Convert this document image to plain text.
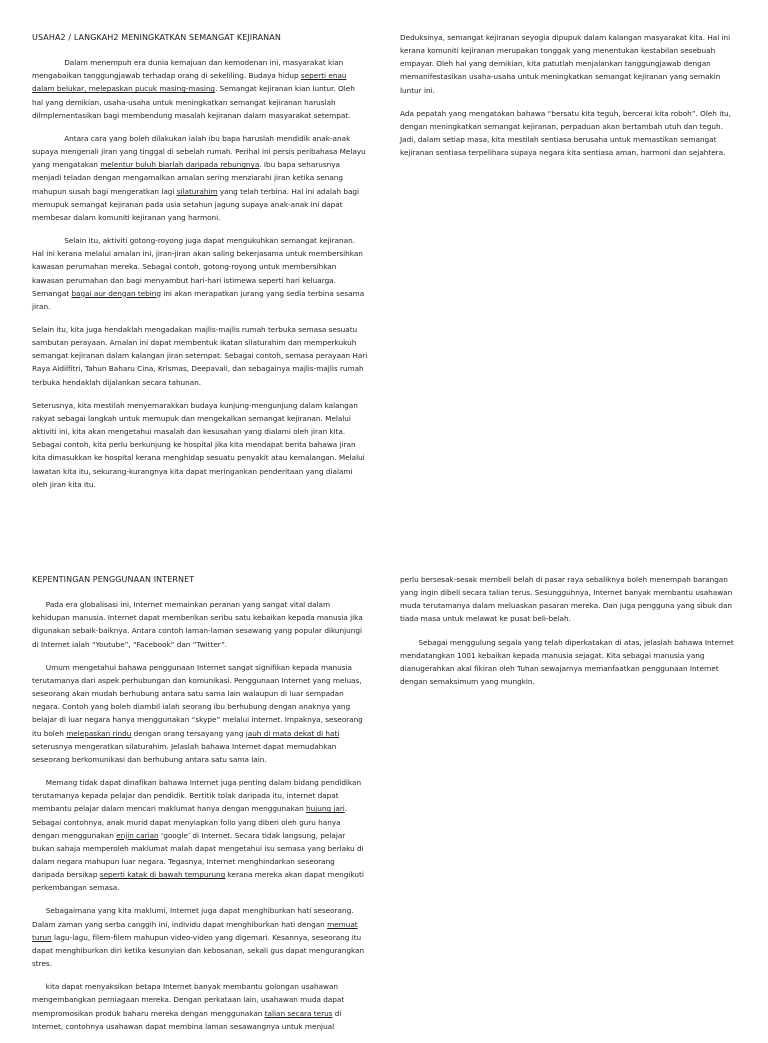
USAHA2 / LANGKAH2 MENINGKATKAN SEMANGAT KEJIRANAN

Dalam menempuh era dunia kemajuan dan kemodenan ini, masyarakat kian mengabaikan tanggungjawab terhadap orang di sekeliling. Budaya hidup seperti enau dalam belukar, melepaskan pucuk masing-masing. Semangat kejiranan kian luntur. Oleh hal yang demikian, usaha-usaha untuk meningkatkan semangat kejiranan haruslah dilmplementasikan bagi membendung masalah kejiranan dalam masyarakat setempat.

Antara cara yang boleh dilakukan ialah ibu bapa haruslah mendidik anak-anak supaya mengenali jiran yang tinggal di sebelah rumah. Perihal ini persis peribahasa Melayu yang mengatakan melentur buluh biarlah daripada rebungnya. Ibu bapa seharusnya menjadi teladan dengan mengamalkan amalan sering menziarahi jiran ketika senang mahupun susah bagi mengeratkan lagi silaturahim yang telah terbina. Hal ini adalah bagi memupuk semangat kejiranan pada usia setahun jagung supaya anak-anak ini dapat membesar dalam komuniti kejiranan yang harmoni.

Selain itu, aktiviti gotong-royong juga dapat mengukuhkan semangat kejiranan. Hal ini kerana melalui amalan ini, jiran-jiran akan saling bekerjasama untuk membersihkan kawasan perumahan mereka. Sebagai contoh, gotong-royong untuk membersihkan kawasan perumahan dan bagi menyambut hari-hari istimewa seperti hari keluarga. Semangat bagai aur dengan tebing ini akan merapatkan jurang yang sedia terbina sesama jiran.

Selain itu, kita juga hendaklah mengadakan majlis-majlis rumah terbuka semasa sesuatu sambutan perayaan. Amalan ini dapat membentuk ikatan silaturahim dan memperkukuh semangat kejiranan dalam kalangan jiran setempat. Sebagai contoh, semasa perayaan Hari Raya Aidilfitri, Tahun Baharu Cina, Krismas, Deepavali, dan sebagainya majlis-majlis rumah terbuka hendaklah dijalankan secara tahunan.

Seterusnya, kita mestilah menyemarakkan budaya kunjung-mengunjung dalam kalangan rakyat sebagai langkah untuk memupuk dan mengekalkan semangat kejiranan. Melalui aktiviti ini, kita akan mengetahui masalah dan kesusahan yang dialami oleh jiran kita. Sebagai contoh, kita perlu berkunjung ke hospital jika kita mendapat berita bahawa jiran kita dimasukkan ke hospital kerana menghidap sesuatu penyakit atau kemalangan. Melalui lawatan kita itu, sekurang-kurangnya kita dapat meringankan penderitaan yang dialami oleh jiran kita itu.

Deduksinya, semangat kejiranan seyogia dipupuk dalam kalangan masyarakat kita. Hal ini kerana komuniti kejiranan merupakan tonggak yang menentukan kestabilan sesebuah empayar. Oleh hal yang demikian, kita patutlah menjalankan tanggungjawab dengan memanifestasikan usaha-usaha untuk meningkatkan semangat kejiranan yang semakin luntur ini.

Ada pepatah yang mengatakan bahawa “bersatu kita teguh, bercerai kita roboh”. Oleh itu, dengan meningkatkan semangat kejiranan, perpaduan akan bertambah utuh dan teguh. Jadi, dalam setiap masa, kita mestilah sentiasa berusaha untuk memastikan semangat kejiranan sentiasa terpelihara supaya negara kita sentiasa aman, harmoni dan sejahtera.

KEPENTINGAN PENGGUNAAN INTERNET

Pada era globalisasi ini, Internet memainkan peranan yang sangat vital dalam kehidupan manusia. Internet dapat memberikan seribu satu kebaikan kepada manusia jika digunakan sebaik-baiknya. Antara contoh laman-laman sesawang yang popular dikunjungi di Internet ialah “Youtube”, “Facebook” dan “Twitter”.

Umum mengetahui bahawa penggunaan Internet sangat signifikan kepada manusia terutamanya dari aspek perhubungan dan komunikasi. Penggunaan Internet yang meluas, seseorang akan mudah berhubung antara satu sama lain walaupun di luar sempadan negara. Contoh yang boleh diambil ialah seorang ibu berhubung dengan anaknya yang belajar di luar negara hanya menggunakan “skype” melalui internet. Impaknya, seseorang itu boleh melepaskan rindu dengan orang tersayang yang jauh di mata dekat di hati seterusnya mengeratkan silaturahim. Jelaslah bahawa Internet dapat memudahkan seseorang berkomunikasi dan berhubung antara satu sama lain.

Memang tidak dapat dinafikan bahawa Internet juga penting dalam bidang pendidikan terutamanya kepada pelajar dan pendidik. Bertitik tolak daripada itu, internet dapat membantu pelajar dalam mencari maklumat hanya dengan menggunakan hujung jari. Sebagai contohnya, anak murid dapat menyiapkan folio yang diberi oleh guru hanya dengan menggunakan enjin carian ‘google’ di Internet. Secara tidak langsung, pelajar bukan sahaja memperoleh maklumat malah dapat mengetahui isu semasa yang berlaku di dalam negara mahupun luar negara. Tegasnya, Internet menghindarkan seseorang daripada bersikap seperti katak di bawah tempurung kerana mereka akan dapat mengikuti perkembangan semasa.

Sebagaimana yang kita maklumi, Internet juga dapat menghiburkan hati seseorang. Dalam zaman yang serba canggih ini, individu dapat menghiburkan hati dengan memuat turun lagu-lagu, filem-filem mahupun video-video yang digemari. Kesannya, seseorang itu dapat menghiburkan diri ketika kesunyian dan kebosanan, sekali gus dapat mengurangkan stres.

kita dapat menyaksikan betapa Internet banyak membantu golongan usahawan mengembangkan perniagaan mereka. Dengan perkataan lain, usahawan muda dapat mempromosikan produk baharu mereka dengan menggunakan talian secara terus di Internet, contohnya usahawan dapat membina laman sesawangnya untuk menjual

perlu bersesak-sesak membeli belah di pasar raya sebaliknya boleh menempah barangan yang ingin dibeli secara talian terus. Sesungguhnya, Internet banyak membantu usahawan muda terutamanya dalam meluaskan pasaran mereka. Dan juga pengguna yang sibuk dan tiada masa untuk melawat ke pusat beli-belah.

Sebagai menggulung segala yang telah diperkatakan di atas, jelaslah bahawa Internet mendatangkan 1001 kebaikan kepada manusia sejagat. Kita sebagai manusia yang dianugerahkan akal fikiran oleh Tuhan sewajarnya memanfaatkan penggunaan Internet dengan semaksimum yang mungkin.
